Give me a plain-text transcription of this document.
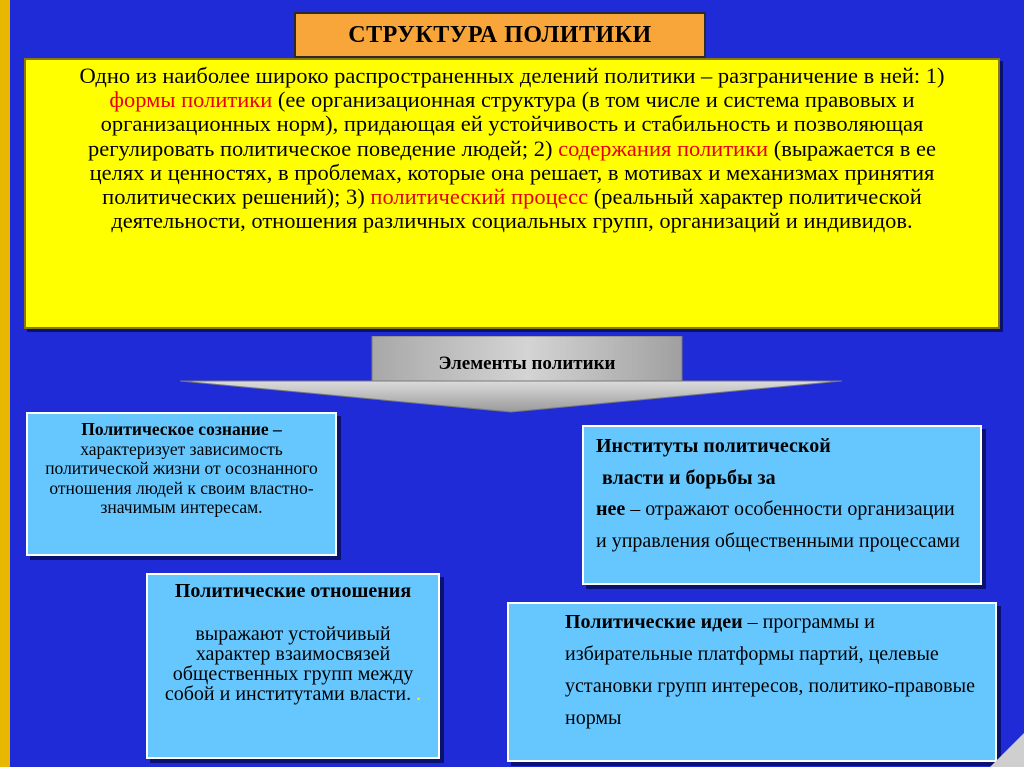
СТРУКТУРА ПОЛИТИКИ
Одно из наиболее широко распространенных делений политики – разграничение в ней: 1) формы политики (ее организационная структура (в том числе и система правовых и организационных норм), придающая ей устойчивость и стабильность и позволяющая регулировать политическое поведение людей; 2) содержания политики (выражается в ее целях и ценностях, в проблемах, которые она решает, в мотивах и механизмах принятия политических решений); 3) политический процесс (реальный характер политической деятельности, отношения различных социальных групп, организаций и индивидов.
Элементы политики
Политическое сознание – характеризует зависимость политической жизни от осознанного отношения людей к своим властно-значимым интересам.
Институты политической
власти и борьбы за
нее – отражают особенности организации и управления общественными процессами
Политические отношения
выражают устойчивый характер взаимосвязей общественных групп между собой и институтами власти. .
Политические идеи – программы и избирательные платформы партий, целевые установки групп интересов, политико-правовые нормы
